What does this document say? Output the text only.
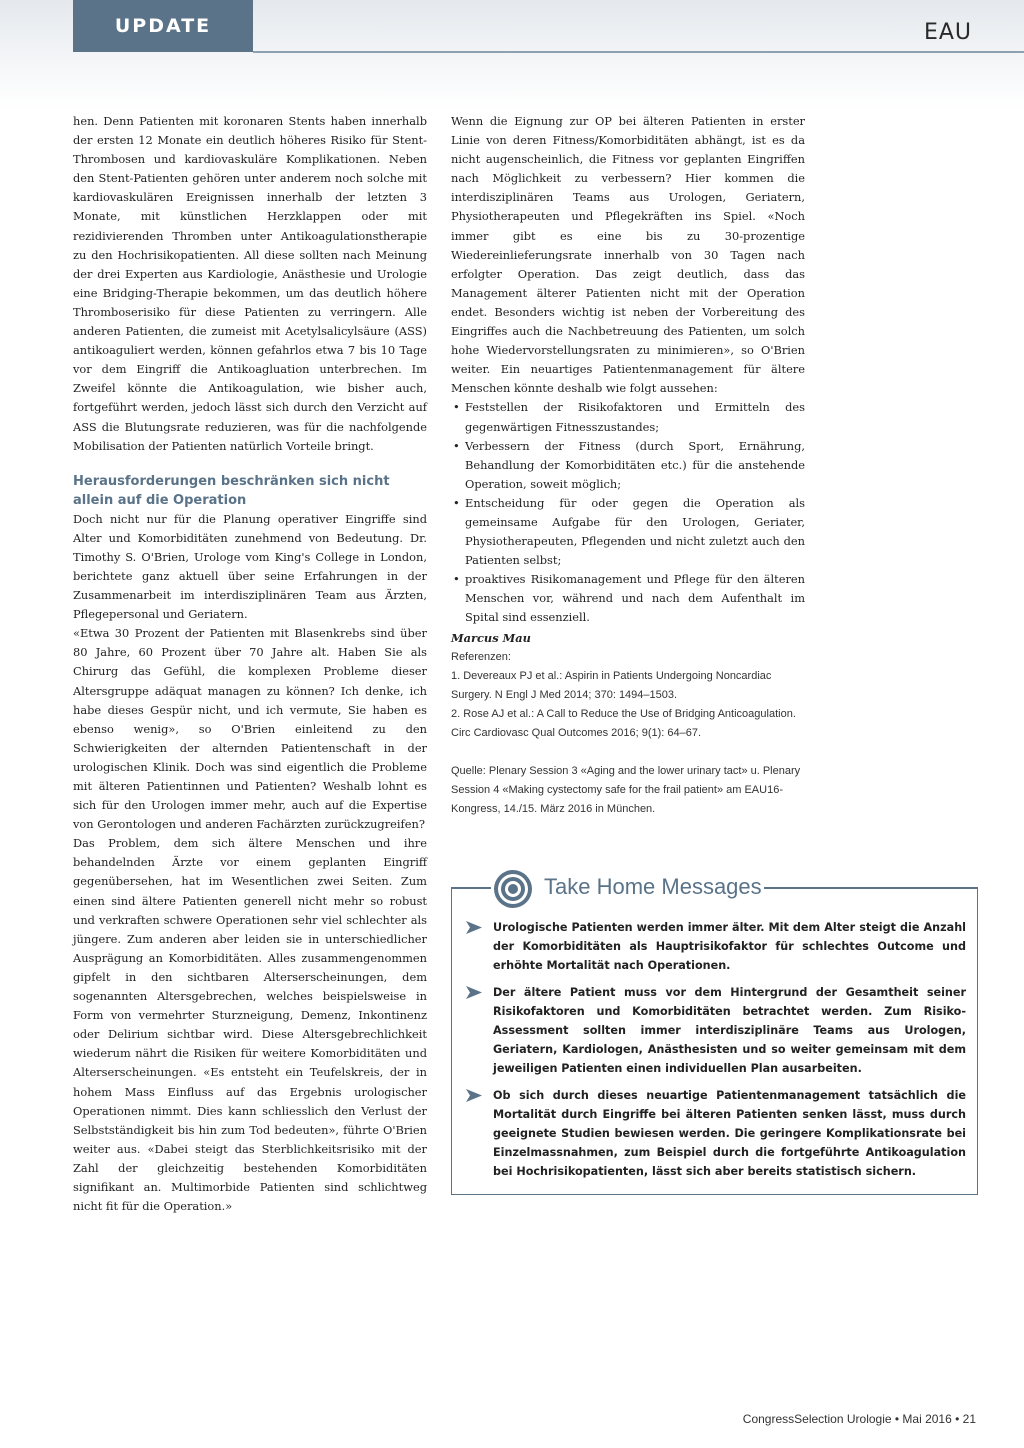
UPDATE	EAU

hen. Denn Patienten mit koronaren Stents haben innerhalb der ersten 12 Monate ein deutlich höheres Risiko für Stent-Thrombosen und kardiovaskuläre Komplikationen. Neben den Stent-Patienten gehören unter anderem noch solche mit kardiovaskulären Ereignissen innerhalb der letzten 3 Monate, mit künstlichen Herzklappen oder mit rezidivierenden Thromben unter Antikoagulationstherapie zu den Hochrisikopatienten. All diese sollten nach Meinung der drei Experten aus Kardiologie, Anästhesie und Urologie eine Bridging-Therapie bekommen, um das deutlich höhere Thromboserisiko für diese Patienten zu verringern. Alle anderen Patienten, die zumeist mit Acetylsalicylsäure (ASS) antikoaguliert werden, können gefahrlos etwa 7 bis 10 Tage vor dem Eingriff die Antikoagluation unterbrechen. Im Zweifel könnte die Antikoagulation, wie bisher auch, fortgeführt werden, jedoch lässt sich durch den Verzicht auf ASS die Blutungsrate reduzieren, was für die nachfolgende Mobilisation der Patienten natürlich Vorteile bringt.

Herausforderungen beschränken sich nicht allein auf die Operation

Doch nicht nur für die Planung operativer Eingriffe sind Alter und Komorbiditäten zunehmend von Bedeutung. Dr. Timothy S. O'Brien, Urologe vom King's College in London, berichtete ganz aktuell über seine Erfahrungen in der Zusammenarbeit im interdisziplinären Team aus Ärzten, Pflegepersonal und Geriatern.

«Etwa 30 Prozent der Patienten mit Blasenkrebs sind über 80 Jahre, 60 Prozent über 70 Jahre alt. Haben Sie als Chirurg das Gefühl, die komplexen Probleme dieser Altersgruppe adäquat managen zu können? Ich denke, ich habe dieses Gespür nicht, und ich vermute, Sie haben es ebenso wenig», so O'Brien einleitend zu den Schwierigkeiten der alternden Patientenschaft in der urologischen Klinik. Doch was sind eigentlich die Probleme mit älteren Patientinnen und Patienten? Weshalb lohnt es sich für den Urologen immer mehr, auch auf die Expertise von Gerontologen und anderen Fachärzten zurückzugreifen?

Das Problem, dem sich ältere Menschen und ihre behandelnden Ärzte vor einem geplanten Eingriff gegenübersehen, hat im Wesentlichen zwei Seiten. Zum einen sind ältere Patienten generell nicht mehr so robust und verkraften schwere Operationen sehr viel schlechter als jüngere. Zum anderen aber leiden sie in unterschiedlicher Ausprägung an Komorbiditäten. Alles zusammengenommen gipfelt in den sichtbaren Alterserscheinungen, dem sogenannten Altersgebrechen, welches beispielsweise in Form von vermehrter Sturzneigung, Demenz, Inkontinenz oder Delirium sichtbar wird. Diese Altersgebrechlichkeit wiederum nährt die Risiken für weitere Komorbiditäten und Alterserscheinungen. «Es entsteht ein Teufelskreis, der in hohem Mass Einfluss auf das Ergebnis urologischer Operationen nimmt. Dies kann schliesslich den Verlust der Selbstständigkeit bis hin zum Tod bedeuten», führte O'Brien weiter aus. «Dabei steigt das Sterblichkeitsrisiko mit der Zahl der gleichzeitig bestehenden Komorbiditäten signifikant an. Multimorbide Patienten sind schlichtweg nicht fit für die Operation.»

Wenn die Eignung zur OP bei älteren Patienten in erster Linie von deren Fitness/Komorbiditäten abhängt, ist es da nicht augenscheinlich, die Fitness vor geplanten Eingriffen nach Möglichkeit zu verbessern? Hier kommen die interdisziplinären Teams aus Urologen, Geriatern, Physiotherapeuten und Pflegekräften ins Spiel. «Noch immer gibt es eine bis zu 30-prozentige Wiedereinlieferungsrate innerhalb von 30 Tagen nach erfolgter Operation. Das zeigt deutlich, dass das Management älterer Patienten nicht mit der Operation endet. Besonders wichtig ist neben der Vorbereitung des Eingriffes auch die Nachbetreuung des Patienten, um solch hohe Wiedervorstellungsraten zu minimieren», so O'Brien weiter. Ein neuartiges Patientenmanagement für ältere Menschen könnte deshalb wie folgt aussehen:

• Feststellen der Risikofaktoren und Ermitteln des gegenwärtigen Fitnesszustandes;
• Verbessern der Fitness (durch Sport, Ernährung, Behandlung der Komorbiditäten etc.) für die anstehende Operation, soweit möglich;
• Entscheidung für oder gegen die Operation als gemeinsame Aufgabe für den Urologen, Geriater, Physiotherapeuten, Pflegenden und nicht zuletzt auch den Patienten selbst;
• proaktives Risikomanagement und Pflege für den älteren Menschen vor, während und nach dem Aufenthalt im Spital sind essenziell.

Marcus Mau

Referenzen:

1. Devereaux PJ et al.: Aspirin in Patients Undergoing Noncardiac Surgery. N Engl J Med 2014; 370: 1494–1503.

2. Rose AJ et al.: A Call to Reduce the Use of Bridging Anticoagulation. Circ Cardiovasc Qual Outcomes 2016; 9(1): 64–67.

Quelle: Plenary Session 3 «Aging and the lower urinary tact» u. Plenary Session 4 «Making cystectomy safe for the frail patient» am EAU16-Kongress, 14./15. März 2016 in München.

Take Home Messages
Urologische Patienten werden immer älter. Mit dem Alter steigt die Anzahl der Komorbiditäten als Hauptrisikofaktor für schlechtes Outcome und erhöhte Mortalität nach Operationen.
Der ältere Patient muss vor dem Hintergrund der Gesamtheit seiner Risikofaktoren und Komorbiditäten betrachtet werden. Zum Risiko-Assessment sollten immer interdisziplinäre Teams aus Urologen, Geriatern, Kardiologen, Anästhesisten und so weiter gemeinsam mit dem jeweiligen Patienten einen individuellen Plan ausarbeiten.
Ob sich durch dieses neuartige Patientenmanagement tatsächlich die Mortalität durch Eingriffe bei älteren Patienten senken lässt, muss durch geeignete Studien bewiesen werden. Die geringere Komplikationsrate bei Einzelmassnahmen, zum Beispiel durch die fortgeführte Antikoagulation bei Hochrisikopatienten, lässt sich aber bereits statistisch sichern.
CongressSelection Urologie • Mai 2016 • 21
